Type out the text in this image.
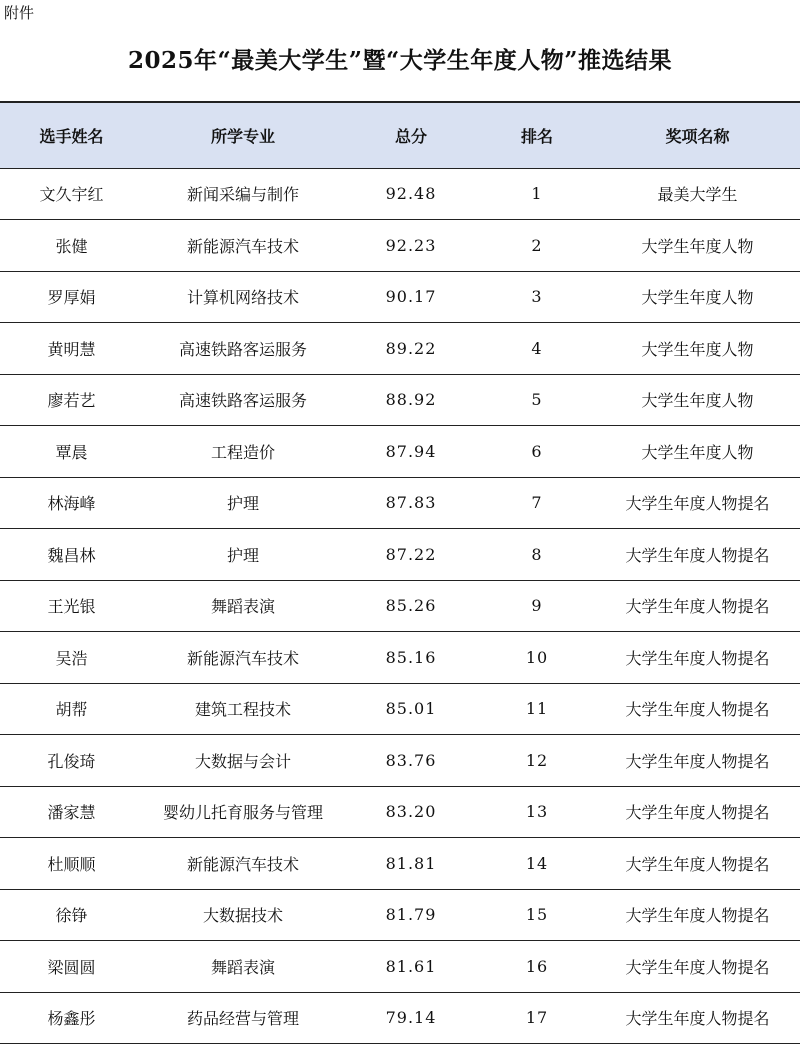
附件
2025年“最美大学生”暨“大学生年度人物”推选结果
选手姓名	所学专业	总分	排名	奖项名称
文久宇红	新闻采编与制作	92.48	1	最美大学生
张健	新能源汽车技术	92.23	2	大学生年度人物
罗厚娟	计算机网络技术	90.17	3	大学生年度人物
黄明慧	高速铁路客运服务	89.22	4	大学生年度人物
廖若艺	高速铁路客运服务	88.92	5	大学生年度人物
覃晨	工程造价	87.94	6	大学生年度人物
林海峰	护理	87.83	7	大学生年度人物提名
魏昌林	护理	87.22	8	大学生年度人物提名
王光银	舞蹈表演	85.26	9	大学生年度人物提名
吴浩	新能源汽车技术	85.16	10	大学生年度人物提名
胡帮	建筑工程技术	85.01	11	大学生年度人物提名
孔俊琦	大数据与会计	83.76	12	大学生年度人物提名
潘家慧	婴幼儿托育服务与管理	83.20	13	大学生年度人物提名
杜顺顺	新能源汽车技术	81.81	14	大学生年度人物提名
徐铮	大数据技术	81.79	15	大学生年度人物提名
梁圆圆	舞蹈表演	81.61	16	大学生年度人物提名
杨鑫彤	药品经营与管理	79.14	17	大学生年度人物提名
